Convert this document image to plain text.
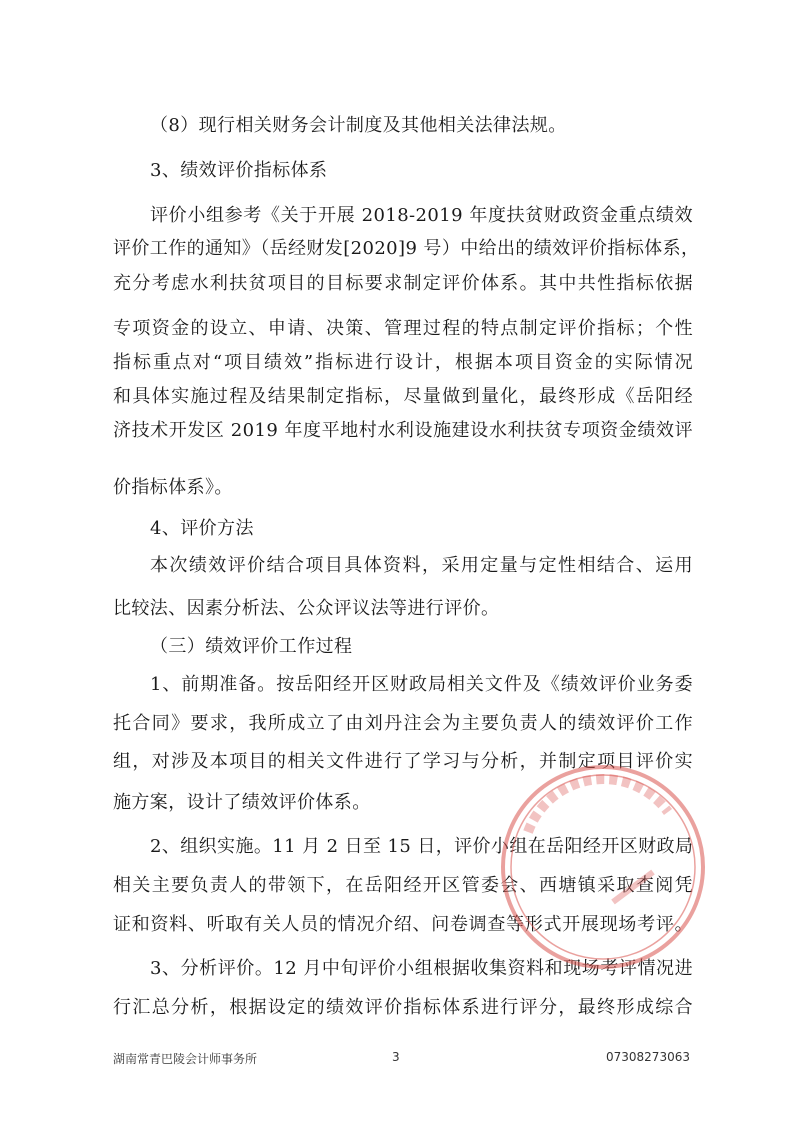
（8）现行相关财务会计制度及其他相关法律法规。
3、绩效评价指标体系
评价小组参考《关于开展 2018-2019 年度扶贫财政资金重点绩效
评价工作的通知》（岳经财发[2020]9 号）中给出的绩效评价指标体系，
充分考虑水利扶贫项目的目标要求制定评价体系。其中共性指标依据
专项资金的设立、申请、决策、管理过程的特点制定评价指标；个性
指标重点对“项目绩效”指标进行设计，根据本项目资金的实际情况
和具体实施过程及结果制定指标，尽量做到量化，最终形成《岳阳经
济技术开发区 2019 年度平地村水利设施建设水利扶贫专项资金绩效评
价指标体系》。
4、评价方法
本次绩效评价结合项目具体资料，采用定量与定性相结合、运用
比较法、因素分析法、公众评议法等进行评价。
（三）绩效评价工作过程
1、前期准备。按岳阳经开区财政局相关文件及《绩效评价业务委
托合同》要求，我所成立了由刘丹注会为主要负责人的绩效评价工作
组，对涉及本项目的相关文件进行了学习与分析，并制定项目评价实
施方案，设计了绩效评价体系。
2、组织实施。11 月 2 日至 15 日，评价小组在岳阳经开区财政局
相关主要负责人的带领下，在岳阳经开区管委会、西塘镇采取查阅凭
证和资料、听取有关人员的情况介绍、问卷调查等形式开展现场考评。
3、分析评价。12 月中旬评价小组根据收集资料和现场考评情况进
行汇总分析，根据设定的绩效评价指标体系进行评分，最终形成综合
湖南常青巴陵会计师事务所	3	07308273063
